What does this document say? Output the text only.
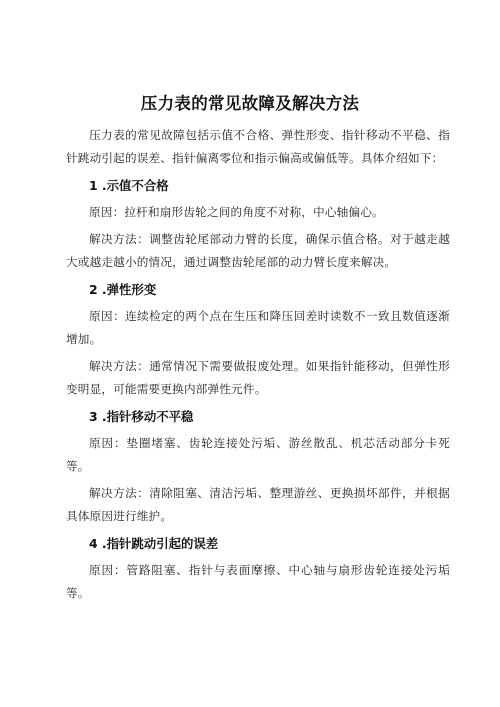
压力表的常见故障及解决方法

压力表的常见故障包括示值不合格、弹性形变、指针移动不平稳、指针跳动引起的误差、指针偏离零位和指示偏高或偏低等。具体介绍如下：

1 .示值不合格

原因：拉杆和扇形齿轮之间的角度不对称，中心轴偏心。

解决方法：调整齿轮尾部动力臂的长度，确保示值合格。对于越走越大或越走越小的情况，通过调整齿轮尾部的动力臂长度来解决。

2 .弹性形变

原因：连续检定的两个点在生压和降压回差时读数不一致且数值逐渐增加。

解决方法：通常情况下需要做报废处理。如果指针能移动，但弹性形变明显，可能需要更换内部弹性元件。

3 .指针移动不平稳

原因：垫圈堵塞、齿轮连接处污垢、游丝散乱、机芯活动部分卡死等。

解决方法：清除阻塞、清洁污垢、整理游丝、更换损坏部件，并根据具体原因进行维护。

4 .指针跳动引起的误差

原因：管路阻塞、指针与表面摩擦、中心轴与扇形齿轮连接处污垢等。
